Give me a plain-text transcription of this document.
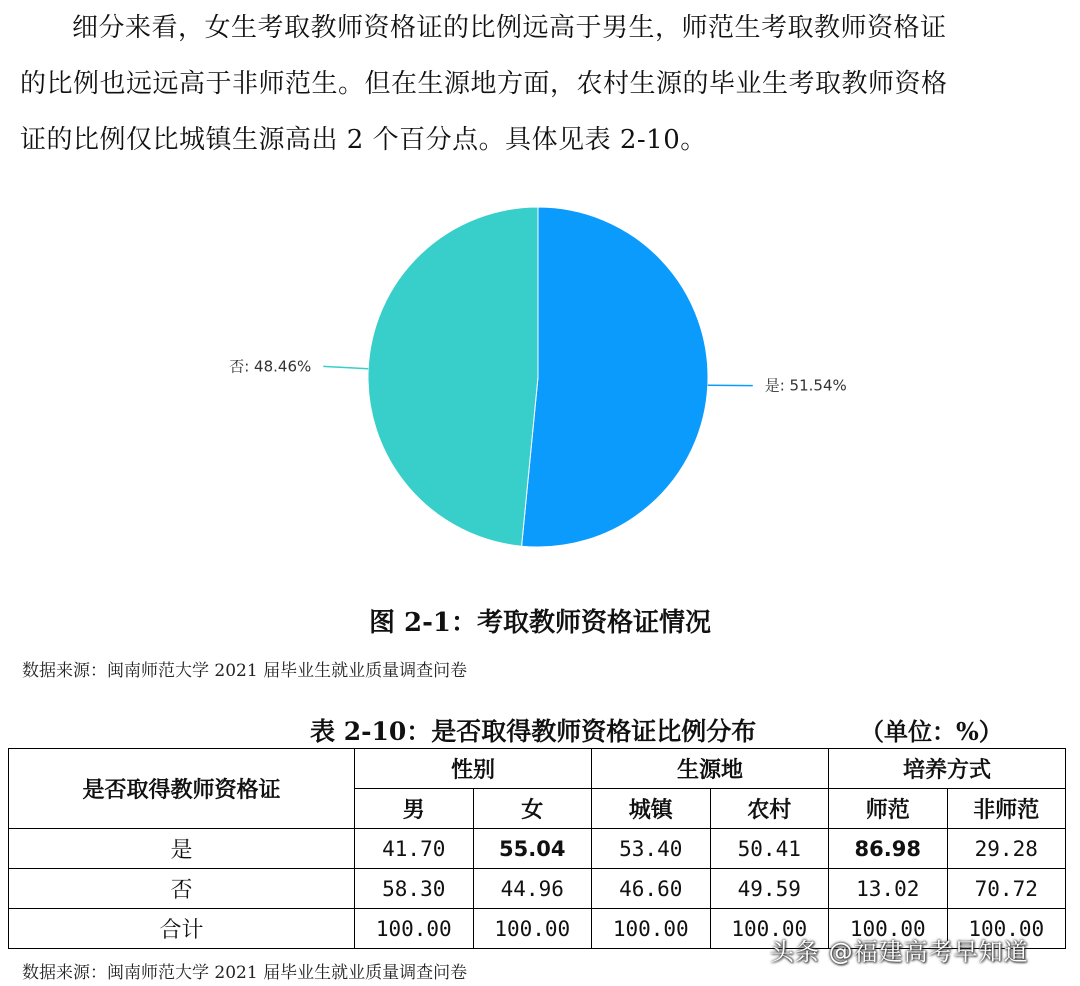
细分来看，女生考取教师资格证的比例远高于男生，师范生考取教师资格证

的比例也远远高于非师范生。但在生源地方面，农村生源的毕业生考取教师资格

证的比例仅比城镇生源高出 2 个百分点。具体见表 2-10。

是: 51.54%
否: 48.46%
图 2-1：考取教师资格证情况
数据来源：闽南师范大学 2021 届毕业生就业质量调查问卷
表 2-10：是否取得教师资格证比例分布	（单位：%）
是否取得教师资格证	性别		生源地		培养方式	
	男	女	城镇	农村	师范	非师范
是	41.70	55.04	53.40	50.41	86.98	29.28
否	58.30	44.96	46.60	49.59	13.02	70.72
合计	100.00	100.00	100.00	100.00	100.00	100.00
数据来源：闽南师范大学 2021 届毕业生就业质量调查问卷
头条 @福建高考早知道
